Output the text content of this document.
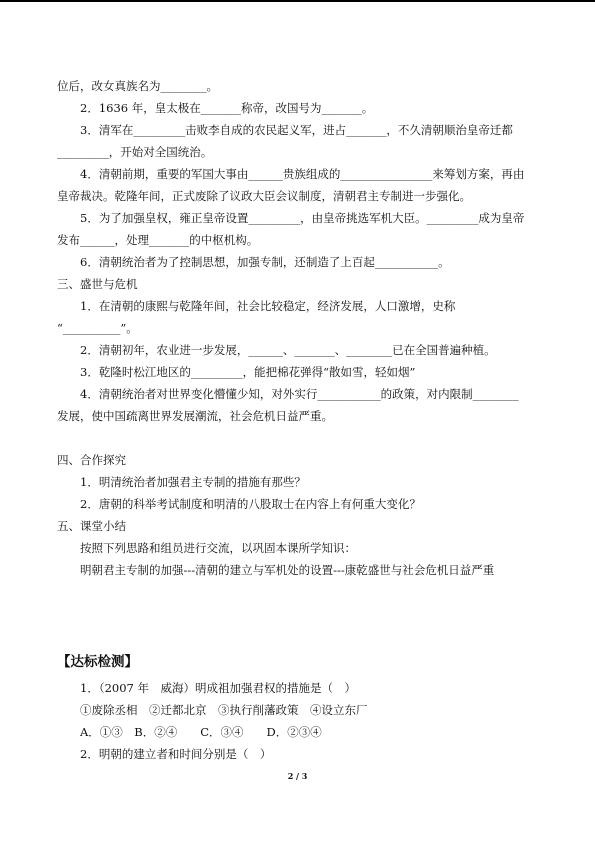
位后，改女真族名为________。
2．1636 年，皇太极在_______称帝，改国号为_______。
3．清军在_________击败李自成的农民起义军，进占_______，不久清朝顺治皇帝迁都
_________，开始对全国统治。
4．清朝前期，重要的军国大事由______贵族组成的________________来筹划方案，再由
皇帝裁决。乾隆年间，正式废除了议政大臣会议制度，清朝君主专制进一步强化。
5．为了加强皇权，雍正皇帝设置_________，由皇帝挑选军机大臣。_________成为皇帝
发布______，处理_______的中枢机构。
6．清朝统治者为了控制思想，加强专制，还制造了上百起___________。
三、盛世与危机
1．在清朝的康熙与乾隆年间，社会比较稳定，经济发展，人口激增，史称
“__________”。
2．清朝初年，农业进一步发展，______、_______、________已在全国普遍种植。
3．乾隆时松江地区的_________，能把棉花弹得“散如雪，轻如烟”
4．清朝统治者对世界变化懵懂少知，对外实行___________的政策，对内限制________
发展，使中国疏离世界发展潮流，社会危机日益严重。
四、合作探究
1．明清统治者加强君主专制的措施有那些？
2．唐朝的科举考试制度和明清的八股取士在内容上有何重大变化？
五、课堂小结
按照下列思路和组员进行交流，以巩固本课所学知识：
明朝君主专制的加强---清朝的建立与军机处的设置---康乾盛世与社会危机日益严重
【达标检测】
1．（2007 年　威海）明成祖加强君权的措施是（　）
①废除丞相　②迁都北京　③执行削藩政策　④设立东厂
A．①③　B．②④　　C．③④　　D．②③④
2．明朝的建立者和时间分别是（　）
2 / 3
